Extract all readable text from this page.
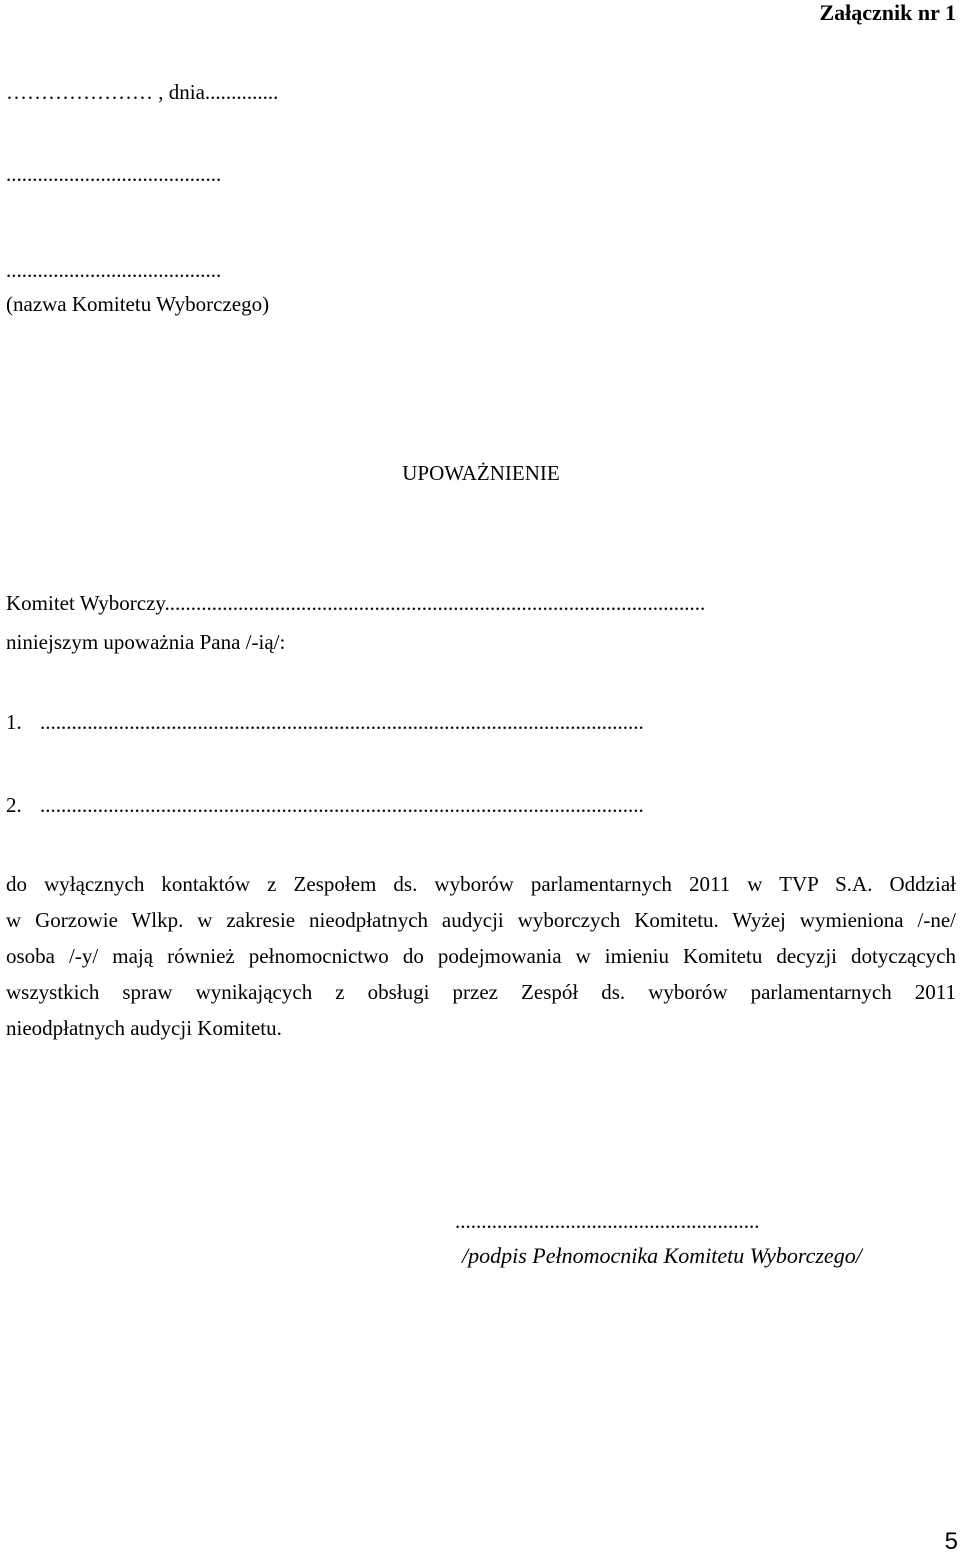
Załącznik nr 1

………………… , dnia..............

.........................................

.........................................

(nazwa Komitetu Wyborczego)

UPOWAŻNIENIE

Komitet Wyborczy.......................................................................................................

niniejszym upoważnia Pana /-ią/:

1. ...................................................................................................................

2. ...................................................................................................................

do wyłącznych kontaktów z Zespołem ds. wyborów parlamentarnych 2011 w TVP S.A. Oddział
w Gorzowie Wlkp. w zakresie nieodpłatnych audycji wyborczych Komitetu. Wyżej wymieniona /-ne/
osoba /-y/ mają również pełnomocnictwo do podejmowania w imieniu Komitetu decyzji dotyczących
wszystkich spraw wynikających z obsługi przez Zespół ds. wyborów parlamentarnych 2011
nieodpłatnych audycji Komitetu.

..........................................................

/podpis Pełnomocnika Komitetu Wyborczego/

5
